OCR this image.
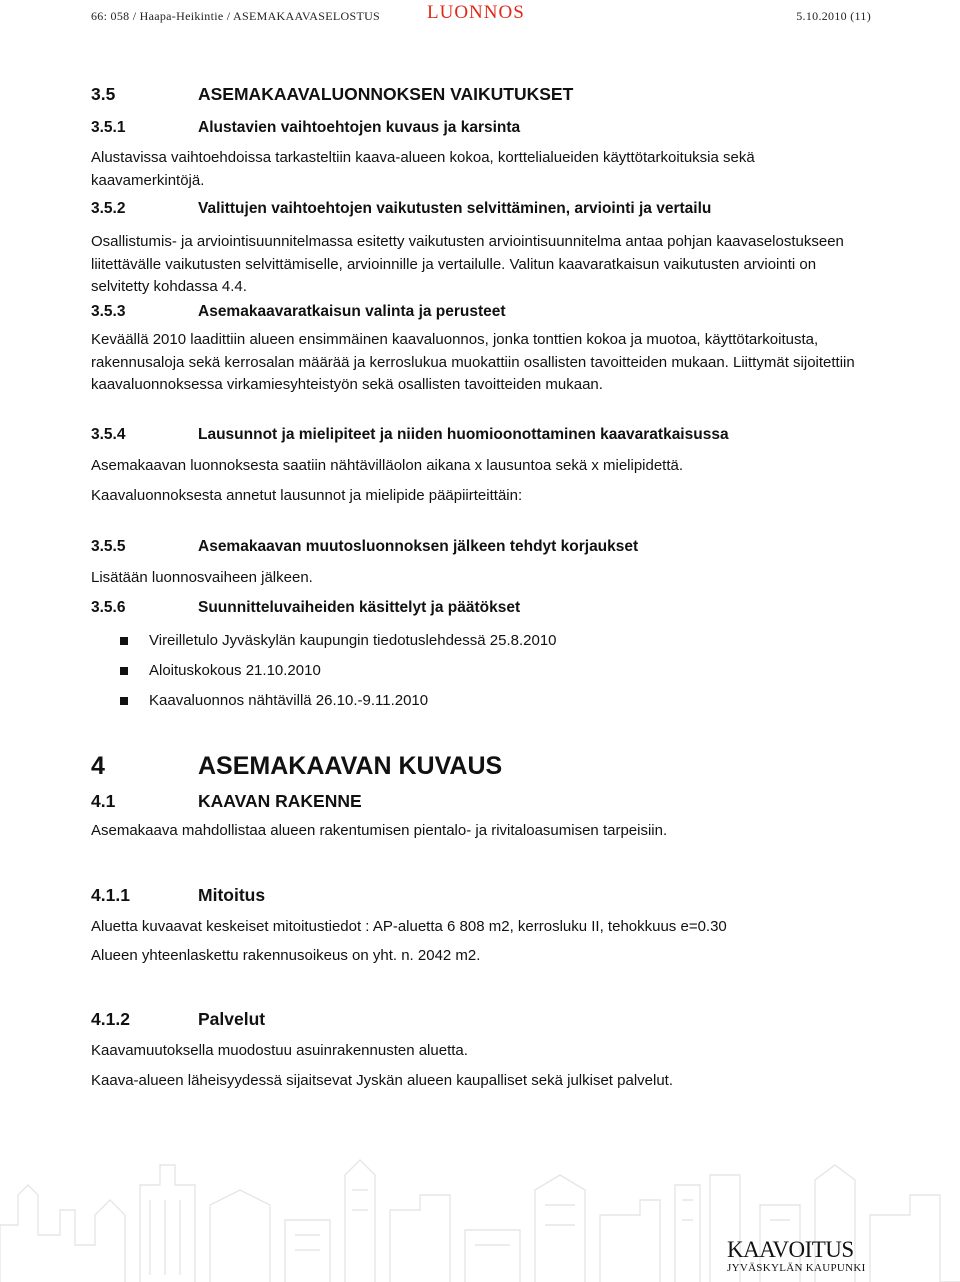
66: 058 / Haapa-Heikintie / ASEMAKAAVASELOSTUS LUONNOS	5.10.2010 (11)
3.5	ASEMAKAAVALUONNOKSEN VAIKUTUKSET
3.5.1	Alustavien vaihtoehtojen kuvaus ja karsinta

Alustavissa vaihtoehdoissa tarkasteltiin kaava-alueen kokoa, korttelialueiden käyttötarkoituksia sekä kaavamerkintöjä.

3.5.2	Valittujen vaihtoehtojen vaikutusten selvittäminen, arviointi ja vertailu

Osallistumis- ja arviointisuunnitelmassa esitetty vaikutusten arviointisuunnitelma antaa pohjan kaavaselostukseen liitettävälle vaikutusten selvittämiselle, arvioinnille ja vertailulle. Valitun kaavaratkaisun vaikutusten arviointi on selvitetty kohdassa 4.4.

3.5.3	Asemakaavaratkaisun valinta ja perusteet

Keväällä 2010 laadittiin alueen ensimmäinen kaavaluonnos, jonka tonttien kokoa ja muotoa, käyttötarkoitusta, rakennusaloja sekä kerrosalan määrää ja kerroslukua muokattiin osallisten tavoitteiden mukaan. Liittymät sijoitettiin kaavaluonnoksessa virkamiesyhteistyön sekä osallisten tavoitteiden mukaan.

3.5.4	Lausunnot ja mielipiteet ja niiden huomioonottaminen kaavaratkaisussa

Asemakaavan luonnoksesta saatiin nähtävilläolon aikana x lausuntoa sekä x mielipidettä.

Kaavaluonnoksesta annetut lausunnot ja mielipide pääpiirteittäin:

3.5.5	Asemakaavan muutosluonnoksen jälkeen tehdyt korjaukset

Lisätään luonnosvaiheen jälkeen.

3.5.6	Suunnitteluvaiheiden käsittelyt ja päätökset
Vireilletulo Jyväskylän kaupungin tiedotuslehdessä 25.8.2010
Aloituskokous 21.10.2010
Kaavaluonnos nähtävillä 26.10.-9.11.2010
4	ASEMAKAAVAN KUVAUS
4.1	KAAVAN RAKENNE

Asemakaava mahdollistaa alueen rakentumisen pientalo- ja rivitaloasumisen tarpeisiin.

4.1.1	Mitoitus

Aluetta kuvaavat keskeiset mitoitustiedot : AP-aluetta 6 808 m2, kerrosluku II, tehokkuus e=0.30

Alueen yhteenlaskettu rakennusoikeus on yht. n. 2042 m2.

4.1.2	Palvelut

Kaavamuutoksella muodostuu asuinrakennusten aluetta.

Kaava-alueen läheisyydessä sijaitsevat Jyskän alueen kaupalliset sekä julkiset palvelut.

KAAVOITUS
JYVÄSKYLÄN KAUPUNKI
